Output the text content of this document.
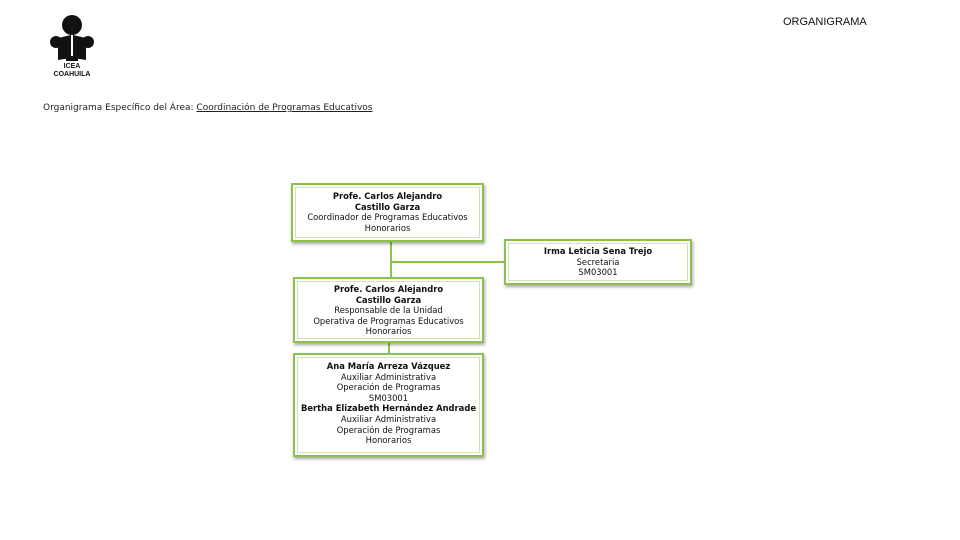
ICEA
COAHUILA
ORGANIGRAMA
Organigrama Específico del Área: Coordinación de Programas Educativos
Profe. Carlos Alejandro Castillo Garza
Coordinador de Programas Educativos
Honorarios
Irma Leticia Sena Trejo
Secretaria
SM03001
Profe. Carlos Alejandro Castillo Garza
Responsable de la Unidad Operativa de Programas Educativos
Honorarios
Ana María Arreza Vázquez
Auxiliar Administrativa
Operación de Programas
SM03001
Bertha Elizabeth Hernández Andrade
Auxiliar Administrativa
Operación de Programas
Honorarios
